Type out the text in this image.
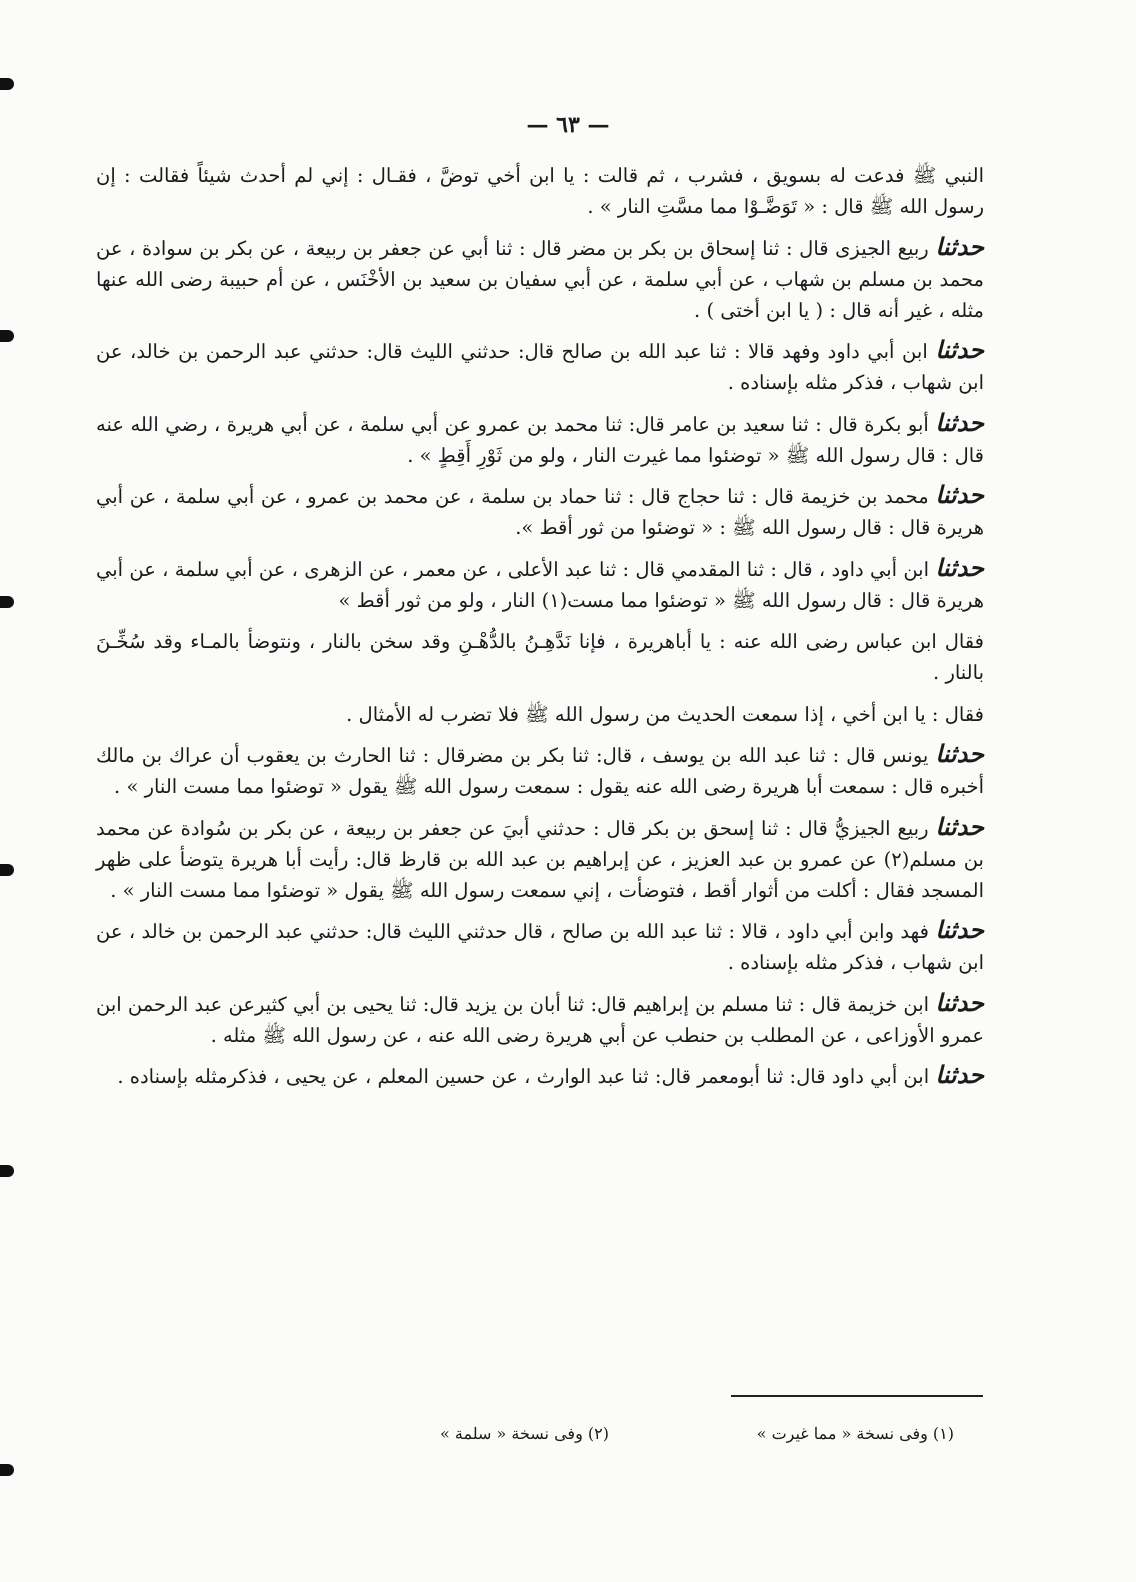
— ٦٣ —

النبي ﷺ فدعت له بسويق ، فشرب ، ثم قالت : يا ابن أخي توضَّ ، فقـال : إني لم أحدث شيئاً فقالت : إن رسول الله ﷺ قال : « تَوَضَّـوْا مما مسَّتِ النار » .

حدثنا ربيع الجيزى قال : ثنا إسحاق بن بكر بن مضر قال : ثنا أبي عن جعفر بن ربيعة ، عن بكر بن سوادة ، عن محمد بن مسلم بن شهاب ، عن أبي سلمة ، عن أبي سفيان بن سعيد بن الأخْنَس ، عن أم حبيبة رضى الله عنها مثله ، غير أنه قال : ( يا ابن أختى ) .

حدثنا ابن أبي داود وفهد قالا : ثنا عبد الله بن صالح قال: حدثني الليث قال: حدثني عبد الرحمن بن خالد، عن ابن شهاب ، فذكر مثله بإسناده .

حدثنا أبو بكرة قال : ثنا سعيد بن عامر قال: ثنا محمد بن عمرو عن أبي سلمة ، عن أبي هريرة ، رضي الله عنه قال : قال رسول الله ﷺ « توضئوا مما غيرت النار ، ولو من ثَوْرِ أَقِطٍ » .

حدثنا محمد بن خزيمة قال : ثنا حجاج قال : ثنا حماد بن سلمة ، عن محمد بن عمرو ، عن أبي سلمة ، عن أبي هريرة قال : قال رسول الله ﷺ : « توضئوا من ثور أقط ».

حدثنا ابن أبي داود ، قال : ثنا المقدمي قال : ثنا عبد الأعلى ، عن معمر ، عن الزهرى ، عن أبي سلمة ، عن أبي هريرة قال : قال رسول الله ﷺ « توضئوا مما مست(١) النار ، ولو من ثور أقط »

فقال ابن عباس رضى الله عنه : يا أباهريرة ، فإنا نَدَّهِـنُ بالدُّهْـنِ وقد سخن بالنار ، ونتوضأ بالمـاء وقد سُخِّـنَ بالنار .

فقال : يا ابن أخي ، إذا سمعت الحديث من رسول الله ﷺ فلا تضرب له الأمثال .

حدثنا يونس قال : ثنا عبد الله بن يوسف ، قال: ثنا بكر بن مضرقال : ثنا الحارث بن يعقوب أن عراك بن مالك أخبره قال : سمعت أبا هريرة رضى الله عنه يقول : سمعت رسول الله ﷺ يقول « توضئوا مما مست النار » .

حدثنا ربيع الجيزيُّ قال : ثنا إسحق بن بكر قال : حدثني أبيَ عن جعفر بن ربيعة ، عن بكر بن سُوادة عن محمد بن مسلم(٢) عن عمرو بن عبد العزيز ، عن إبراهيم بن عبد الله بن قارظ قال: رأيت أبا هريرة يتوضأ على ظهر المسجد فقال : أكلت من أثوار أقط ، فتوضأت ، إني سمعت رسول الله ﷺ يقول « توضئوا مما مست النار » .

حدثنا فهد وابن أبي داود ، قالا : ثنا عبد الله بن صالح ، قال حدثني الليث قال: حدثني عبد الرحمن بن خالد ، عن ابن شهاب ، فذكر مثله بإسناده .

حدثنا ابن خزيمة قال : ثنا مسلم بن إبراهيم قال: ثنا أبان بن يزيد قال: ثنا يحيى بن أبي كثيرعن عبد الرحمن ابن عمرو الأوزاعى ، عن المطلب بن حنطب عن أبي هريرة رضى الله عنه ، عن رسول الله ﷺ مثله .

حدثنا ابن أبي داود قال: ثنا أبومعمر قال: ثنا عبد الوارث ، عن حسين المعلم ، عن يحيى ، فذكرمثله بإسناده .

(١) وفى نسخة « مما غيرت »
(٢) وفى نسخة « سلمة »
